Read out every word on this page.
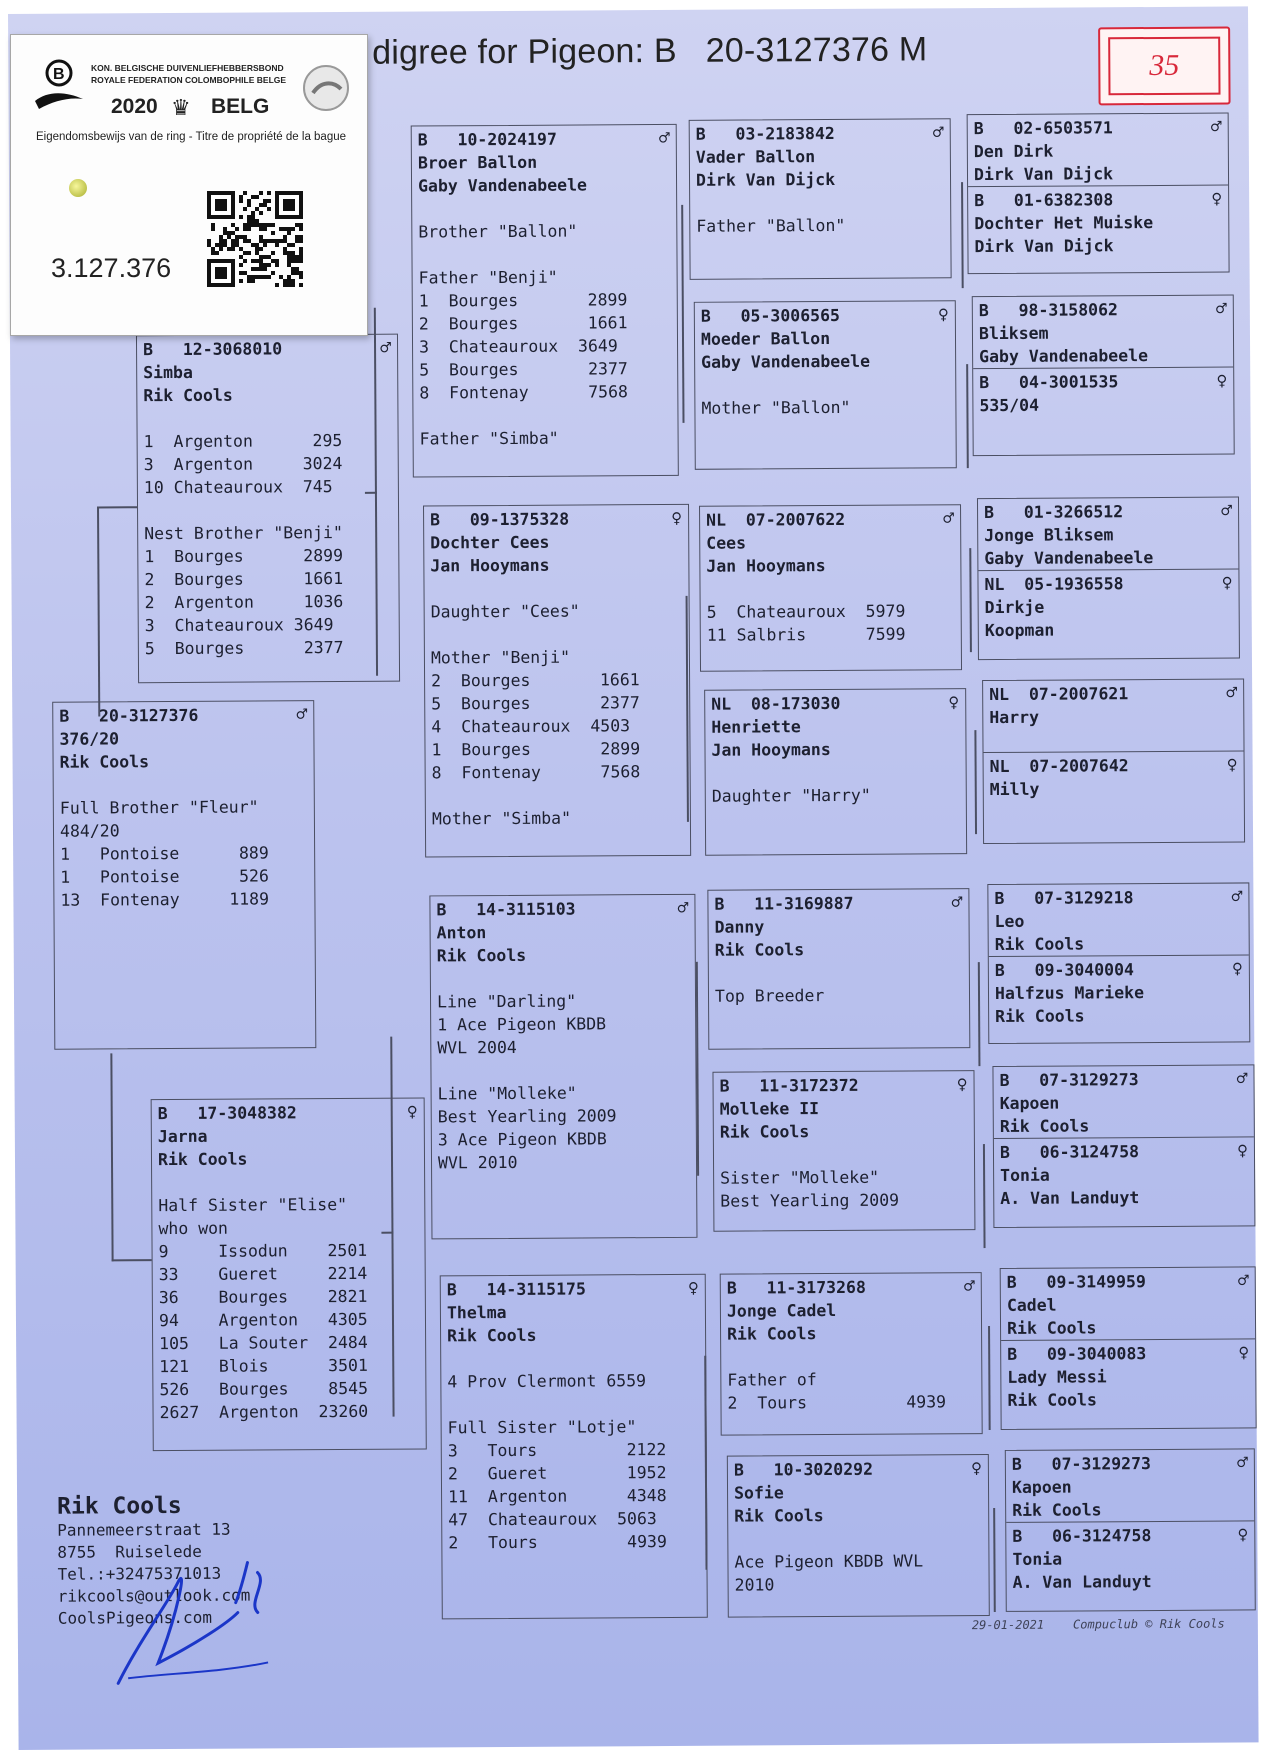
digree for Pigeon: B   20-3127376 M	35
B   20-3127376	♂
376/20
Rik Cools

Full Brother "Fleur"
484/20
1   Pontoise      889
1   Pontoise      526
13  Fontenay     1189
B   12-3068010	♂
Simba
Rik Cools

1  Argenton      295
3  Argenton     3024
10 Chateauroux  745

Nest Brother "Benji"
1  Bourges      2899
2  Bourges      1661
2  Argenton     1036
3  Chateauroux 3649
5  Bourges      2377
B   17-3048382	♀
Jarna
Rik Cools

Half Sister "Elise"
who won
9     Issodun    2501
33    Gueret     2214
36    Bourges    2821
94    Argenton   4305
105   La Souter  2484
121   Blois      3501
526   Bourges    8545
2627  Argenton  23260
B   10-2024197	♂
Broer Ballon
Gaby Vandenabeele

Brother "Ballon"

Father "Benji"
1  Bourges       2899
2  Bourges       1661
3  Chateauroux  3649
5  Bourges       2377
8  Fontenay      7568

Father "Simba"
B   09-1375328	♀
Dochter Cees
Jan Hooymans

Daughter "Cees"

Mother "Benji"
2  Bourges       1661
5  Bourges       2377
4  Chateauroux  4503
1  Bourges       2899
8  Fontenay      7568

Mother "Simba"
B   14-3115103	♂
Anton
Rik Cools

Line "Darling"
1 Ace Pigeon KBDB
WVL 2004

Line "Molleke"
Best Yearling 2009
3 Ace Pigeon KBDB
WVL 2010
B   14-3115175	♀
Thelma
Rik Cools

4 Prov Clermont 6559

Full Sister "Lotje"
3   Tours         2122
2   Gueret        1952
11  Argenton      4348
47  Chateauroux  5063
2   Tours         4939
B   03-2183842	♂
Vader Ballon
Dirk Van Dijck

Father "Ballon"
B   05-3006565	♀
Moeder Ballon
Gaby Vandenabeele

Mother "Ballon"
NL  07-2007622	♂
Cees
Jan Hooymans

5  Chateauroux  5979
11 Salbris      7599
NL  08-173030	♀
Henriette
Jan Hooymans

Daughter "Harry"
B   11-3169887	♂
Danny
Rik Cools

Top Breeder
B   11-3172372	♀
Molleke II
Rik Cools

Sister "Molleke"
Best Yearling 2009
B   11-3173268	♂
Jonge Cadel
Rik Cools

Father of
2  Tours          4939
B   10-3020292	♀
Sofie
Rik Cools

Ace Pigeon KBDB WVL
2010
B   02-6503571	♂
Den Dirk
Dirk Van Dijck
B   01-6382308	♀
Dochter Het Muiske
Dirk Van Dijck
B   98-3158062	♂
Bliksem
Gaby Vandenabeele
B   04-3001535	♀
535/04
B   01-3266512	♂
Jonge Bliksem
Gaby Vandenabeele
NL  05-1936558	♀
Dirkje
Koopman
NL  07-2007621	♂
Harry

NL  07-2007642	♀
Milly
B   07-3129218	♂
Leo
Rik Cools
B   09-3040004	♀
Halfzus Marieke
Rik Cools
B   07-3129273	♂
Kapoen
Rik Cools
B   06-3124758	♀
Tonia
A. Van Landuyt
B   09-3149959	♂
Cadel
Rik Cools
B   09-3040083	♀
Lady Messi
Rik Cools
B   07-3129273	♂
Kapoen
Rik Cools
B   06-3124758	♀
Tonia
A. Van Landuyt
Rik Cools
Pannemeerstraat 13
8755  Ruiselede
Tel.:+32475371013
rikcools@outlook.com
CoolsPigeons.com	29-01-2021    Compuclub © Rik Cools
B	KON. BELGISCHE DUIVENLIEFHEBBERSBOND
ROYALE FEDERATION COLOMBOPHILE BELGE
2020 ♛ BELG
Eigendomsbewijs van de ring - Titre de propriété de la bague
3.127.376
